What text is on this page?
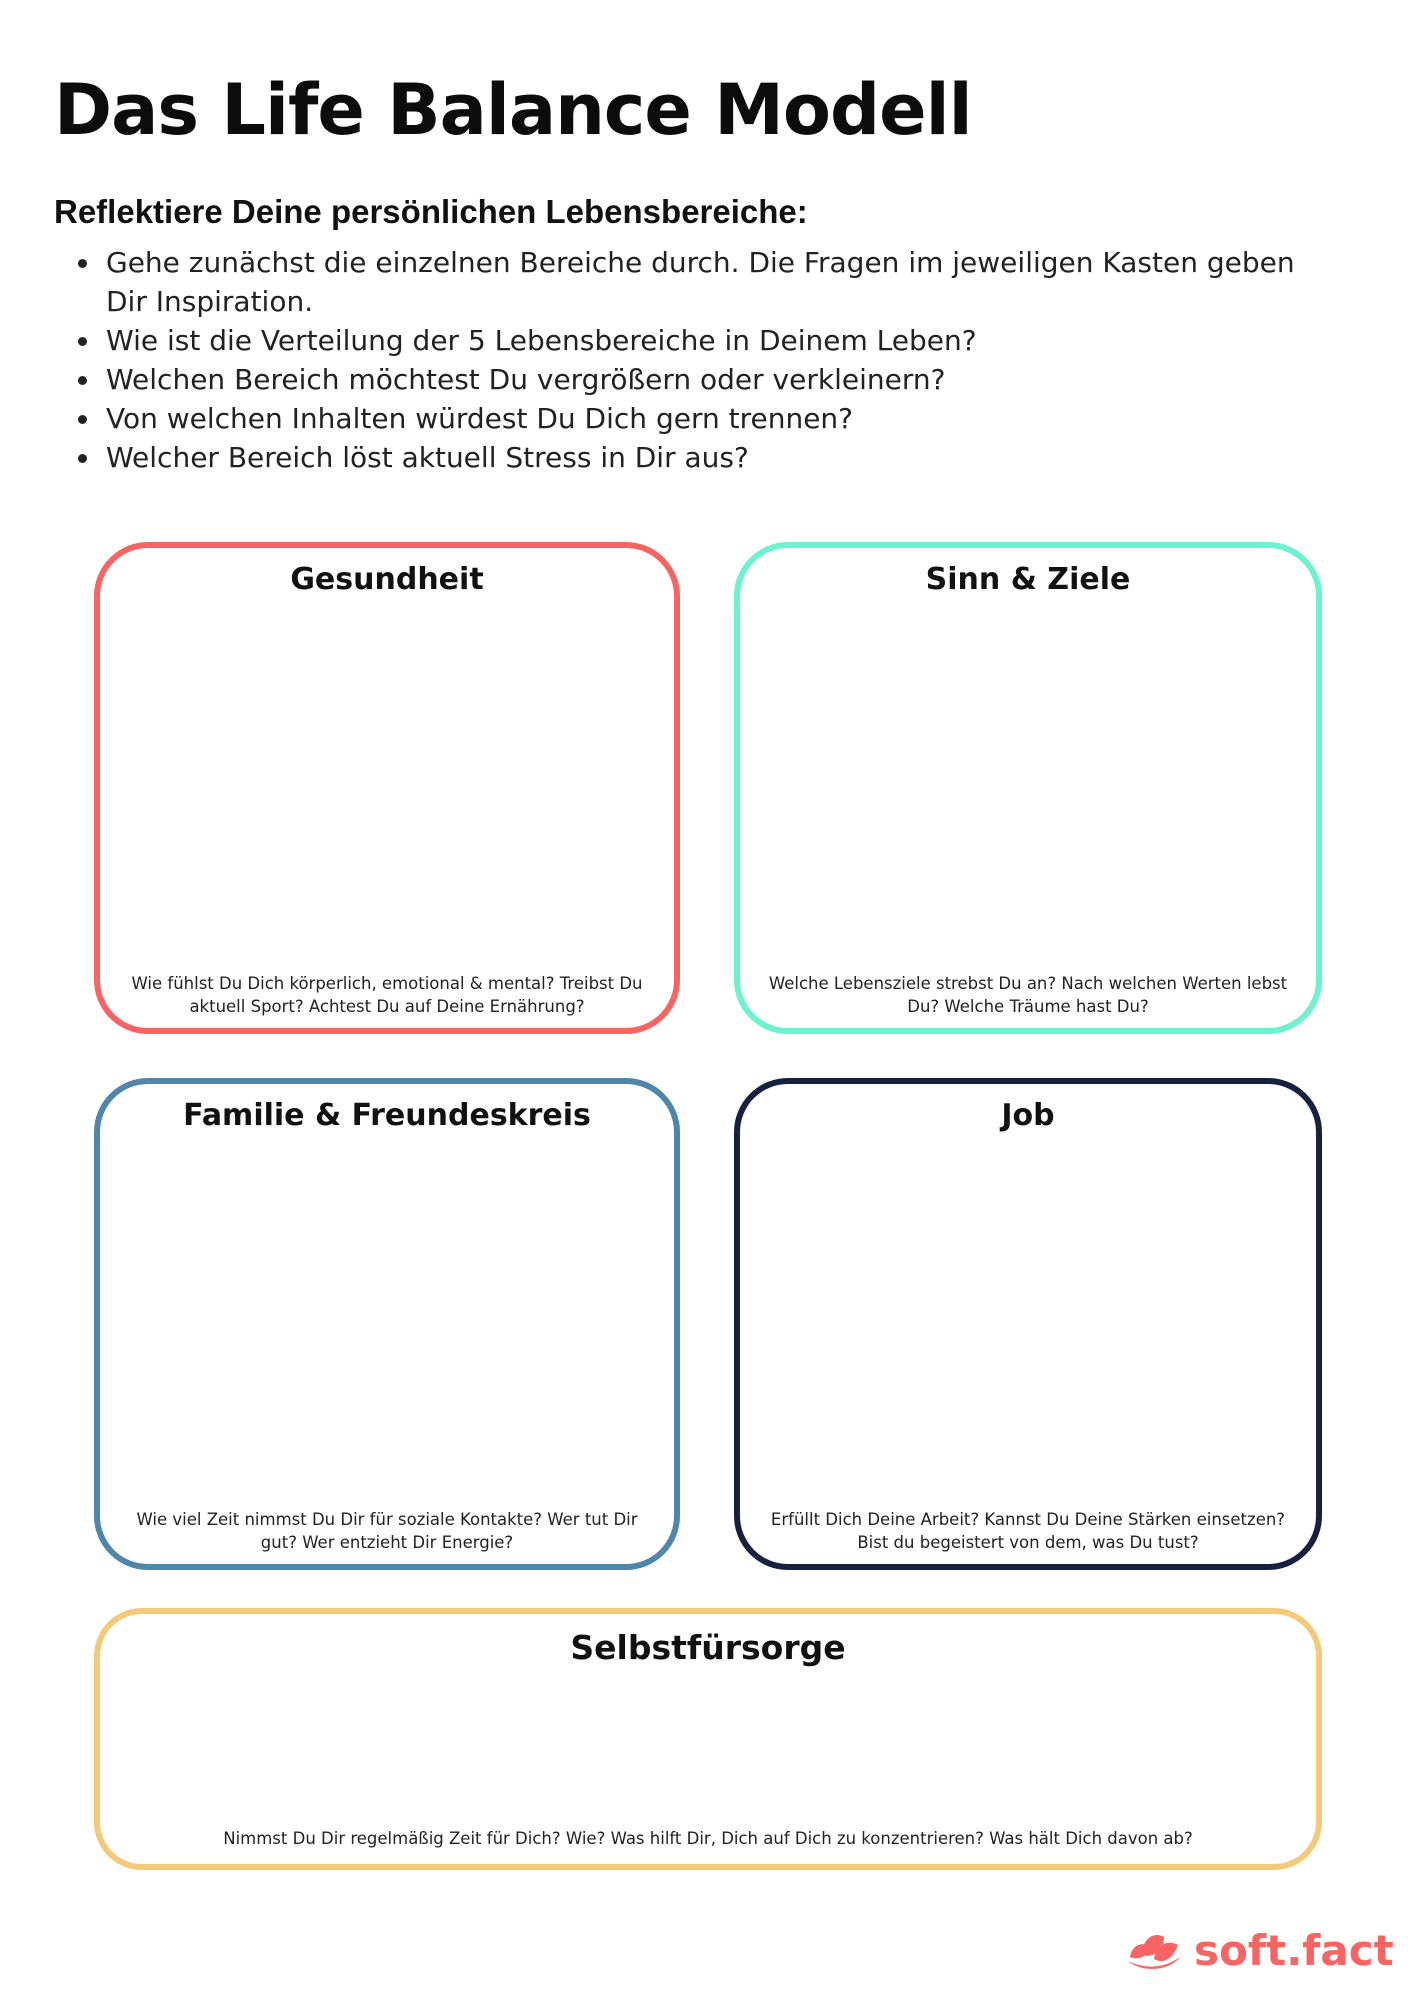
Das Life Balance Modell
Reflektiere Deine persönlichen Lebensbereiche:
• Gehe zunächst die einzelnen Bereiche durch. Die Fragen im jeweiligen Kasten geben Dir Inspiration.
• Wie ist die Verteilung der 5 Lebensbereiche in Deinem Leben?
• Welchen Bereich möchtest Du vergrößern oder verkleinern?
• Von welchen Inhalten würdest Du Dich gern trennen?
• Welcher Bereich löst aktuell Stress in Dir aus?
Gesundheit
Wie fühlst Du Dich körperlich, emotional & mental? Treibst Du aktuell Sport? Achtest Du auf Deine Ernährung?
Sinn & Ziele
Welche Lebensziele strebst Du an? Nach welchen Werten lebst Du? Welche Träume hast Du?
Familie & Freundeskreis
Wie viel Zeit nimmst Du Dir für soziale Kontakte? Wer tut Dir gut? Wer entzieht Dir Energie?
Job
Erfüllt Dich Deine Arbeit? Kannst Du Deine Stärken einsetzen? Bist du begeistert von dem, was Du tust?
Selbstfürsorge
Nimmst Du Dir regelmäßig Zeit für Dich? Wie? Was hilft Dir, Dich auf Dich zu konzentrieren? Was hält Dich davon ab?
soft.fact
